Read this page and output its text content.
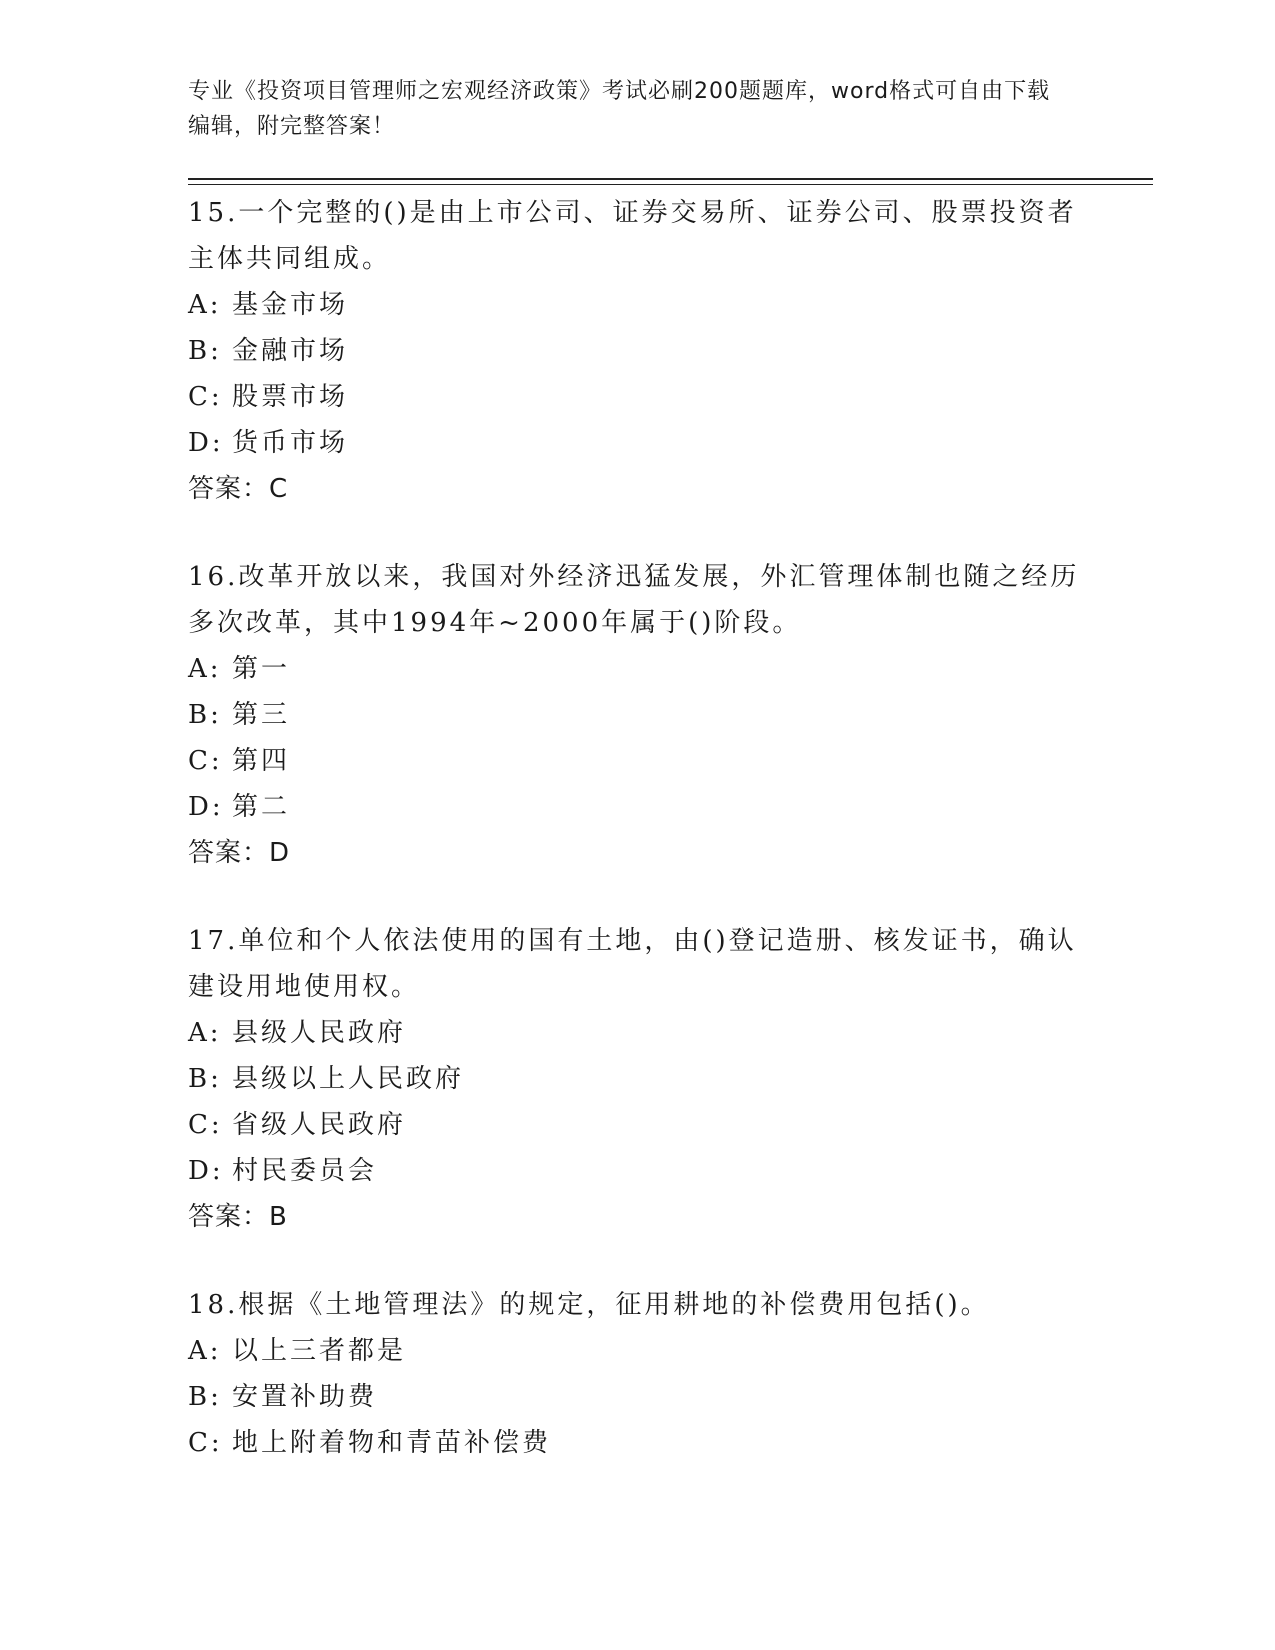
专业《投资项目管理师之宏观经济政策》考试必刷200题题库，word格式可自由下载编辑，附完整答案！

15.一个完整的()是由上市公司、证券交易所、证券公司、股票投资者主体共同组成。

A: 基金市场
B: 金融市场
C: 股票市场
D: 货币市场
答案：C

16.改革开放以来，我国对外经济迅猛发展，外汇管理体制也随之经历多次改革，其中1994年~2000年属于()阶段。

A: 第一
B: 第三
C: 第四
D: 第二
答案：D

17.单位和个人依法使用的国有土地，由()登记造册、核发证书，确认建设用地使用权。

A: 县级人民政府
B: 县级以上人民政府
C: 省级人民政府
D: 村民委员会
答案：B

18.根据《土地管理法》的规定，征用耕地的补偿费用包括()。

A: 以上三者都是
B: 安置补助费
C: 地上附着物和青苗补偿费
